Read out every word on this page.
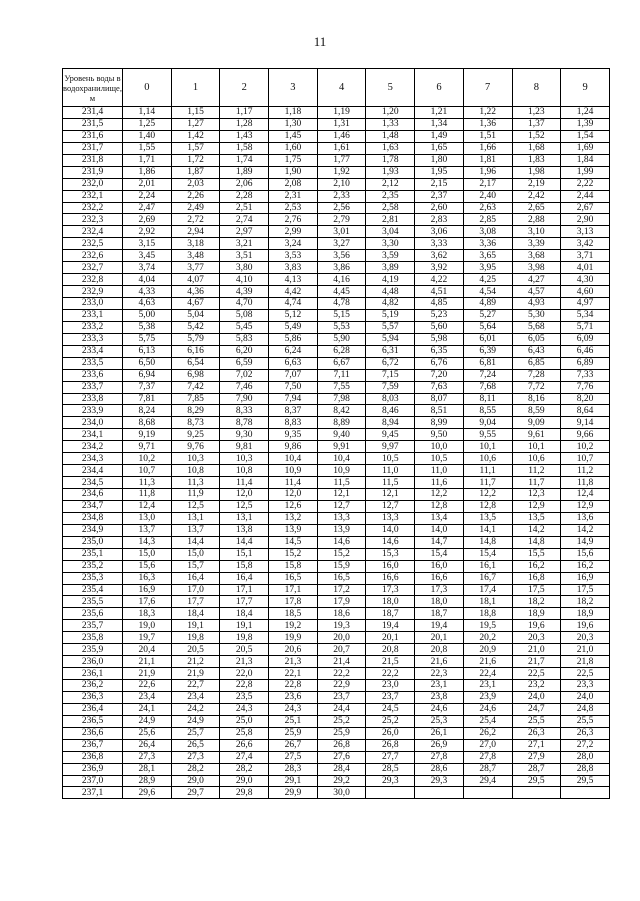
11
Уровень воды в водохранилище, м	0	1	2	3	4	5	6	7	8	9
231,4	1,14	1,15	1,17	1,18	1,19	1,20	1,21	1,22	1,23	1,24
231,5	1,25	1,27	1,28	1,30	1,31	1,33	1,34	1,36	1,37	1,39
231,6	1,40	1,42	1,43	1,45	1,46	1,48	1,49	1,51	1,52	1,54
231,7	1,55	1,57	1,58	1,60	1,61	1,63	1,65	1,66	1,68	1,69
231,8	1,71	1,72	1,74	1,75	1,77	1,78	1,80	1,81	1,83	1,84
231,9	1,86	1,87	1,89	1,90	1,92	1,93	1,95	1,96	1,98	1,99
232,0	2,01	2,03	2,06	2,08	2,10	2,12	2,15	2,17	2,19	2,22
232,1	2,24	2,26	2,28	2,31	2,33	2,35	2,37	2,40	2,42	2,44
232,2	2,47	2,49	2,51	2,53	2,56	2,58	2,60	2,63	2,65	2,67
232,3	2,69	2,72	2,74	2,76	2,79	2,81	2,83	2,85	2,88	2,90
232,4	2,92	2,94	2,97	2,99	3,01	3,04	3,06	3,08	3,10	3,13
232,5	3,15	3,18	3,21	3,24	3,27	3,30	3,33	3,36	3,39	3,42
232,6	3,45	3,48	3,51	3,53	3,56	3,59	3,62	3,65	3,68	3,71
232,7	3,74	3,77	3,80	3,83	3,86	3,89	3,92	3,95	3,98	4,01
232,8	4,04	4,07	4,10	4,13	4,16	4,19	4,22	4,25	4,27	4,30
232,9	4,33	4,36	4,39	4,42	4,45	4,48	4,51	4,54	4,57	4,60
233,0	4,63	4,67	4,70	4,74	4,78	4,82	4,85	4,89	4,93	4,97
233,1	5,00	5,04	5,08	5,12	5,15	5,19	5,23	5,27	5,30	5,34
233,2	5,38	5,42	5,45	5,49	5,53	5,57	5,60	5,64	5,68	5,71
233,3	5,75	5,79	5,83	5,86	5,90	5,94	5,98	6,01	6,05	6,09
233,4	6,13	6,16	6,20	6,24	6,28	6,31	6,35	6,39	6,43	6,46
233,5	6,50	6,54	6,59	6,63	6,67	6,72	6,76	6,81	6,85	6,89
233,6	6,94	6,98	7,02	7,07	7,11	7,15	7,20	7,24	7,28	7,33
233,7	7,37	7,42	7,46	7,50	7,55	7,59	7,63	7,68	7,72	7,76
233,8	7,81	7,85	7,90	7,94	7,98	8,03	8,07	8,11	8,16	8,20
233,9	8,24	8,29	8,33	8,37	8,42	8,46	8,51	8,55	8,59	8,64
234,0	8,68	8,73	8,78	8,83	8,89	8,94	8,99	9,04	9,09	9,14
234,1	9,19	9,25	9,30	9,35	9,40	9,45	9,50	9,55	9,61	9,66
234,2	9,71	9,76	9,81	9,86	9,91	9,97	10,0	10,1	10,1	10,2
234,3	10,2	10,3	10,3	10,4	10,4	10,5	10,5	10,6	10,6	10,7
234,4	10,7	10,8	10,8	10,9	10,9	11,0	11,0	11,1	11,2	11,2
234,5	11,3	11,3	11,4	11,4	11,5	11,5	11,6	11,7	11,7	11,8
234,6	11,8	11,9	12,0	12,0	12,1	12,1	12,2	12,2	12,3	12,4
234,7	12,4	12,5	12,5	12,6	12,7	12,7	12,8	12,8	12,9	12,9
234,8	13,0	13,1	13,1	13,2	13,3	13,3	13,4	13,5	13,5	13,6
234,9	13,7	13,7	13,8	13,9	13,9	14,0	14,0	14,1	14,2	14,2
235,0	14,3	14,4	14,4	14,5	14,6	14,6	14,7	14,8	14,8	14,9
235,1	15,0	15,0	15,1	15,2	15,2	15,3	15,4	15,4	15,5	15,6
235,2	15,6	15,7	15,8	15,8	15,9	16,0	16,0	16,1	16,2	16,2
235,3	16,3	16,4	16,4	16,5	16,5	16,6	16,6	16,7	16,8	16,9
235,4	16,9	17,0	17,1	17,1	17,2	17,3	17,3	17,4	17,5	17,5
235,5	17,6	17,7	17,7	17,8	17,9	18,0	18,0	18,1	18,2	18,2
235,6	18,3	18,4	18,4	18,5	18,6	18,7	18,7	18,8	18,9	18,9
235,7	19,0	19,1	19,1	19,2	19,3	19,4	19,4	19,5	19,6	19,6
235,8	19,7	19,8	19,8	19,9	20,0	20,1	20,1	20,2	20,3	20,3
235,9	20,4	20,5	20,5	20,6	20,7	20,8	20,8	20,9	21,0	21,0
236,0	21,1	21,2	21,3	21,3	21,4	21,5	21,6	21,6	21,7	21,8
236,1	21,9	21,9	22,0	22,1	22,2	22,2	22,3	22,4	22,5	22,5
236,2	22,6	22,7	22,8	22,8	22,9	23,0	23,1	23,1	23,2	23,3
236,3	23,4	23,4	23,5	23,6	23,7	23,7	23,8	23,9	24,0	24,0
236,4	24,1	24,2	24,3	24,3	24,4	24,5	24,6	24,6	24,7	24,8
236,5	24,9	24,9	25,0	25,1	25,2	25,2	25,3	25,4	25,5	25,5
236,6	25,6	25,7	25,8	25,9	25,9	26,0	26,1	26,2	26,3	26,3
236,7	26,4	26,5	26,6	26,7	26,8	26,8	26,9	27,0	27,1	27,2
236,8	27,3	27,3	27,4	27,5	27,6	27,7	27,8	27,8	27,9	28,0
236,9	28,1	28,2	28,2	28,3	28,4	28,5	28,6	28,7	28,7	28,8
237,0	28,9	29,0	29,0	29,1	29,2	29,3	29,3	29,4	29,5	29,5
237,1	29,6	29,7	29,8	29,9	30,0					
